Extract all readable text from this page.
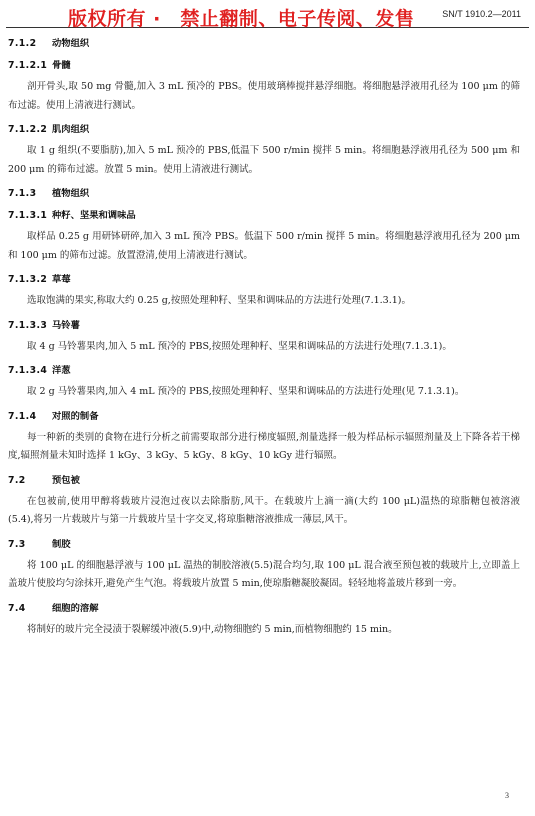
版权所有 ·　禁止翻制、电子传阅、发售	SN/T 1910.2—2011
7.1.2 动物组织
7.1.2.1 骨髓

剖开骨头,取 50 mg 骨髓,加入 3 mL 预冷的 PBS。使用玻璃棒搅拌悬浮细胞。将细胞悬浮液用孔径为 100 μm 的筛布过滤。使用上清液进行测试。

7.1.2.2 肌肉组织

取 1 g 组织(不要脂肪),加入 5 mL 预冷的 PBS,低温下 500 r/min 搅拌 5 min。将细胞悬浮液用孔径为 500 μm 和 200 μm 的筛布过滤。放置 5 min。使用上清液进行测试。

7.1.3 植物组织
7.1.3.1 种籽、坚果和调味品

取样品 0.25 g 用研钵研碎,加入 3 mL 预冷 PBS。低温下 500 r/min 搅拌 5 min。将细胞悬浮液用孔径为 200 μm 和 100 μm 的筛布过滤。放置澄清,使用上清液进行测试。

7.1.3.2 草莓

选取饱满的果实,称取大约 0.25 g,按照处理种籽、坚果和调味品的方法进行处理(7.1.3.1)。

7.1.3.3 马铃薯

取 4 g 马铃薯果肉,加入 5 mL 预冷的 PBS,按照处理种籽、坚果和调味品的方法进行处理(7.1.3.1)。

7.1.3.4 洋葱

取 2 g 马铃薯果肉,加入 4 mL 预冷的 PBS,按照处理种籽、坚果和调味品的方法进行处理(见 7.1.3.1)。

7.1.4 对照的制备

每一种新的类别的食物在进行分析之前需要取部分进行梯度辐照,剂量选择一般为样品标示辐照剂量及上下降各若干梯度,辐照剂量未知时选择 1 kGy、3 kGy、5 kGy、8 kGy、10 kGy 进行辐照。

7.2	预包被

在包被前,使用甲醇将载玻片浸泡过夜以去除脂肪,风干。在载玻片上滴一滴(大约 100 μL)温热的琼脂糖包被溶液(5.4),将另一片载玻片与第一片载玻片呈十字交叉,将琼脂糖溶液推成一薄层,风干。

7.3	制胶

将 100 μL 的细胞悬浮液与 100 μL 温热的制胶溶液(5.5)混合均匀,取 100 μL 混合液至预包被的载玻片上,立即盖上盖玻片使胶均匀涂抹开,避免产生气泡。将载玻片放置 5 min,使琼脂糖凝胶凝固。轻轻地将盖玻片移到一旁。

7.4	细胞的溶解

将制好的玻片完全浸渍于裂解缓冲液(5.9)中,动物细胞约 5 min,而植物细胞约 15 min。

3
